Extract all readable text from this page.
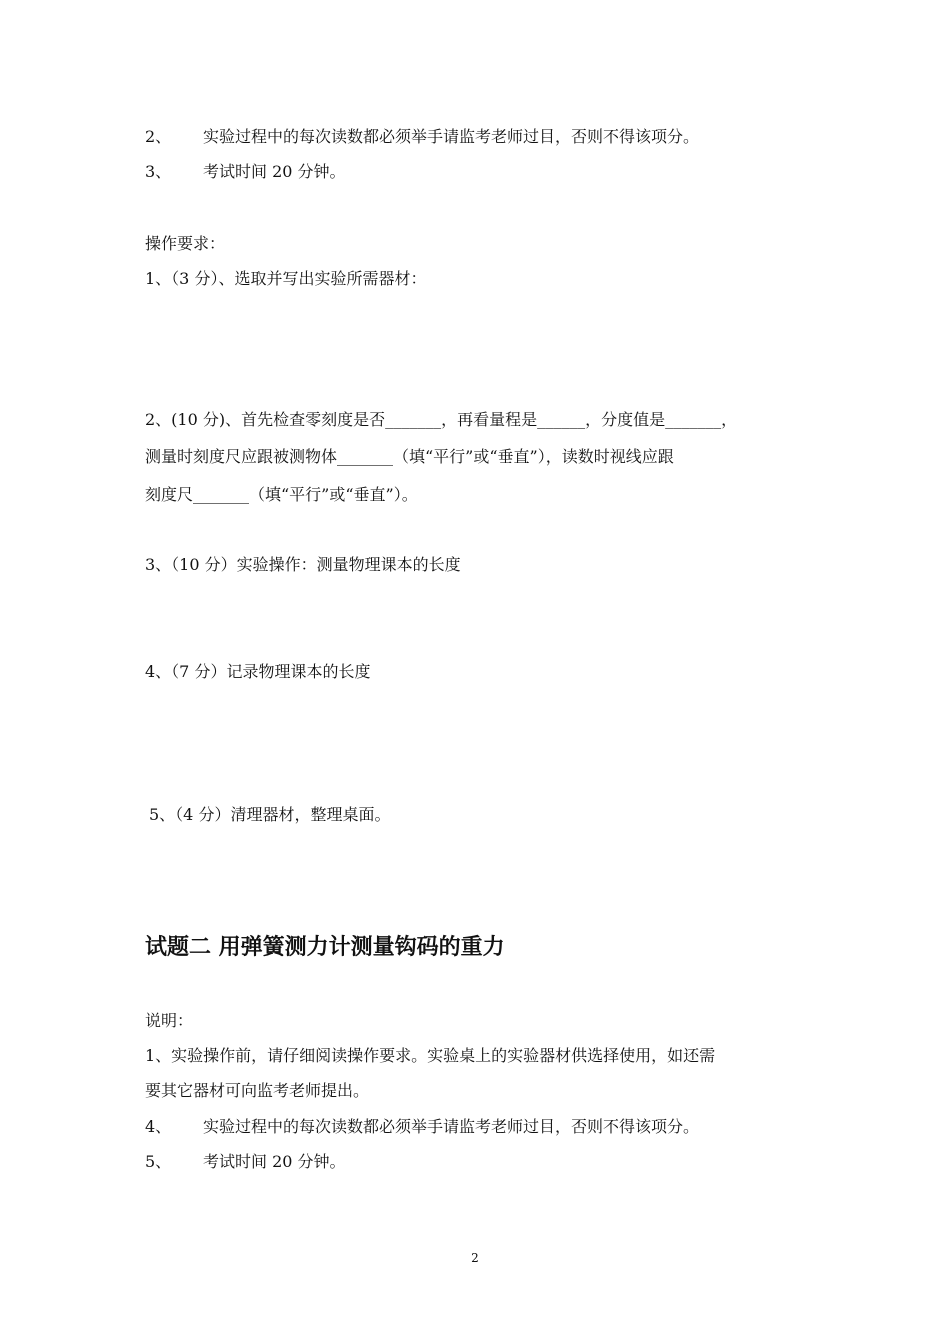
2、 实验过程中的每次读数都必须举手请监考老师过目，否则不得该项分。
3、 考试时间 20 分钟。
操作要求：
1、（3 分）、选取并写出实验所需器材：
2、(10 分)、首先检查零刻度是否_______，再看量程是______，分度值是_______，
测量时刻度尺应跟被测物体_______（填“平行”或“垂直”），读数时视线应跟
刻度尺_______（填“平行”或“垂直”）。
3、（10 分）实验操作：测量物理课本的长度
4、（7 分）记录物理课本的长度
5、（4 分）清理器材，整理桌面。
试题二 用弹簧测力计测量钩码的重力
说明：
1、实验操作前，请仔细阅读操作要求。实验桌上的实验器材供选择使用，如还需
要其它器材可向监考老师提出。
4、 实验过程中的每次读数都必须举手请监考老师过目，否则不得该项分。
5、 考试时间 20 分钟。
2
